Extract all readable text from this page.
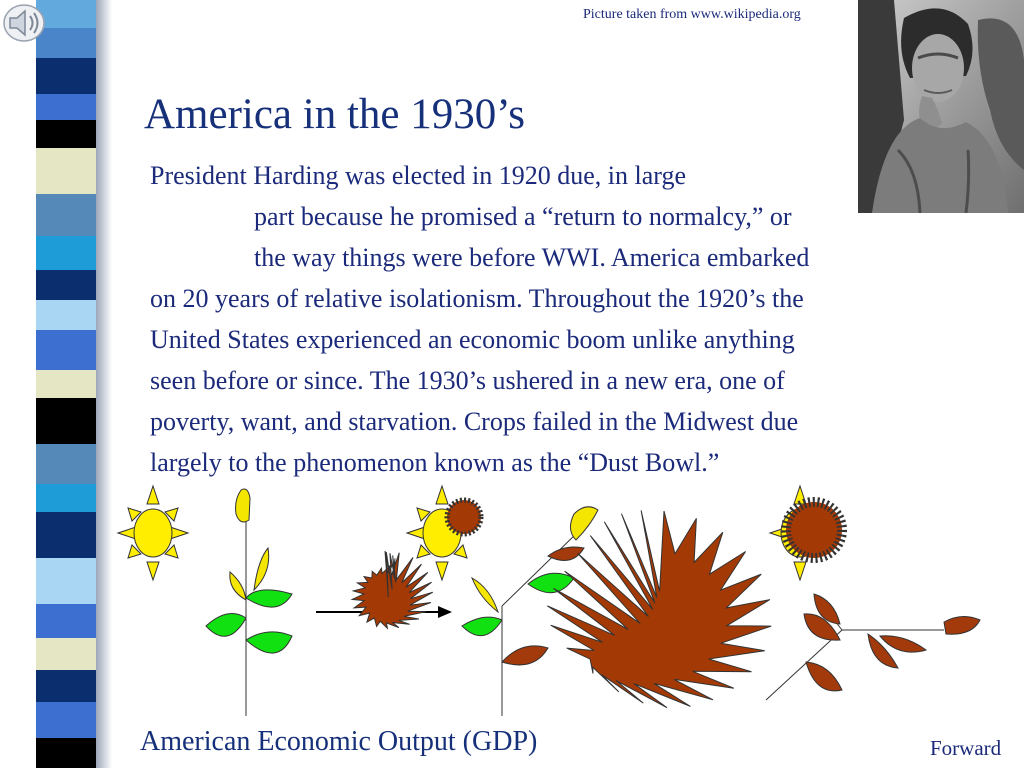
Picture taken from www.wikipedia.org
America in the 1930’s
President Harding was elected in 1920 due, in large
part because he promised a “return to normalcy,” or
the way things were before WWI. America embarked
on 20 years of relative isolationism. Throughout the 1920’s the
United States experienced an economic boom unlike anything
seen before or since. The 1930’s ushered in a new era, one of
poverty, want, and starvation. Crops failed in the Midwest due
largely to the phenomenon known as the “Dust Bowl.”
American Economic Output (GDP)	Forward
